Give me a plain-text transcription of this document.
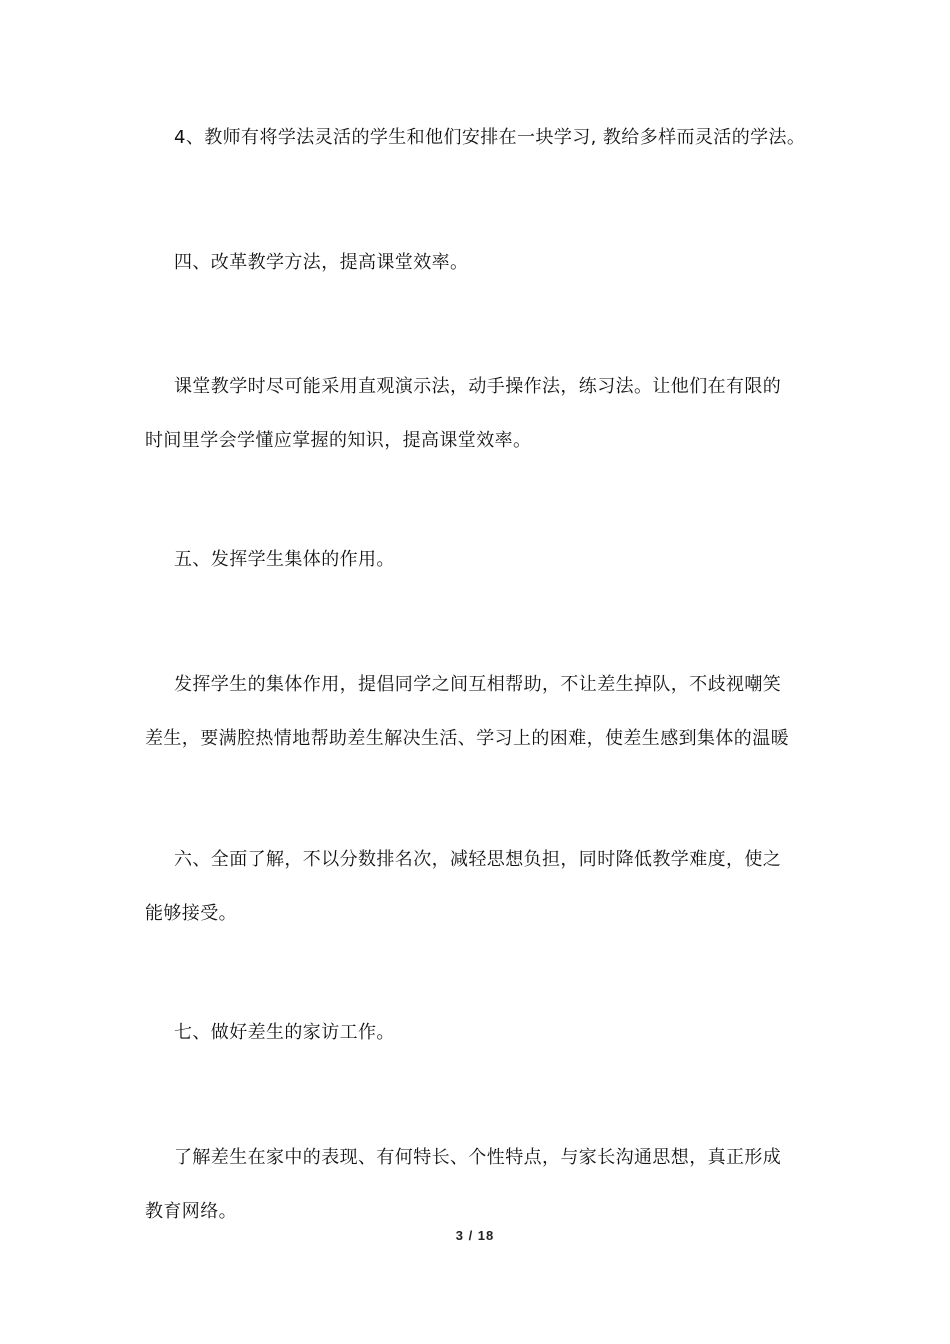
4、教师有将学法灵活的学生和他们安排在一块学习, 教给多样而灵活的学法。

四、改革教学方法，提高课堂效率。

课堂教学时尽可能采用直观演示法，动手操作法，练习法。让他们在有限的
时间里学会学懂应掌握的知识，提高课堂效率。

五、发挥学生集体的作用。

发挥学生的集体作用，提倡同学之间互相帮助，不让差生掉队，不歧视嘲笑
差生，要满腔热情地帮助差生解决生活、学习上的困难，使差生感到集体的温暖

六、全面了解，不以分数排名次，减轻思想负担，同时降低教学难度，使之
能够接受。

七、做好差生的家访工作。

了解差生在家中的表现、有何特长、个性特点，与家长沟通思想，真正形成
教育网络。

3 / 18
